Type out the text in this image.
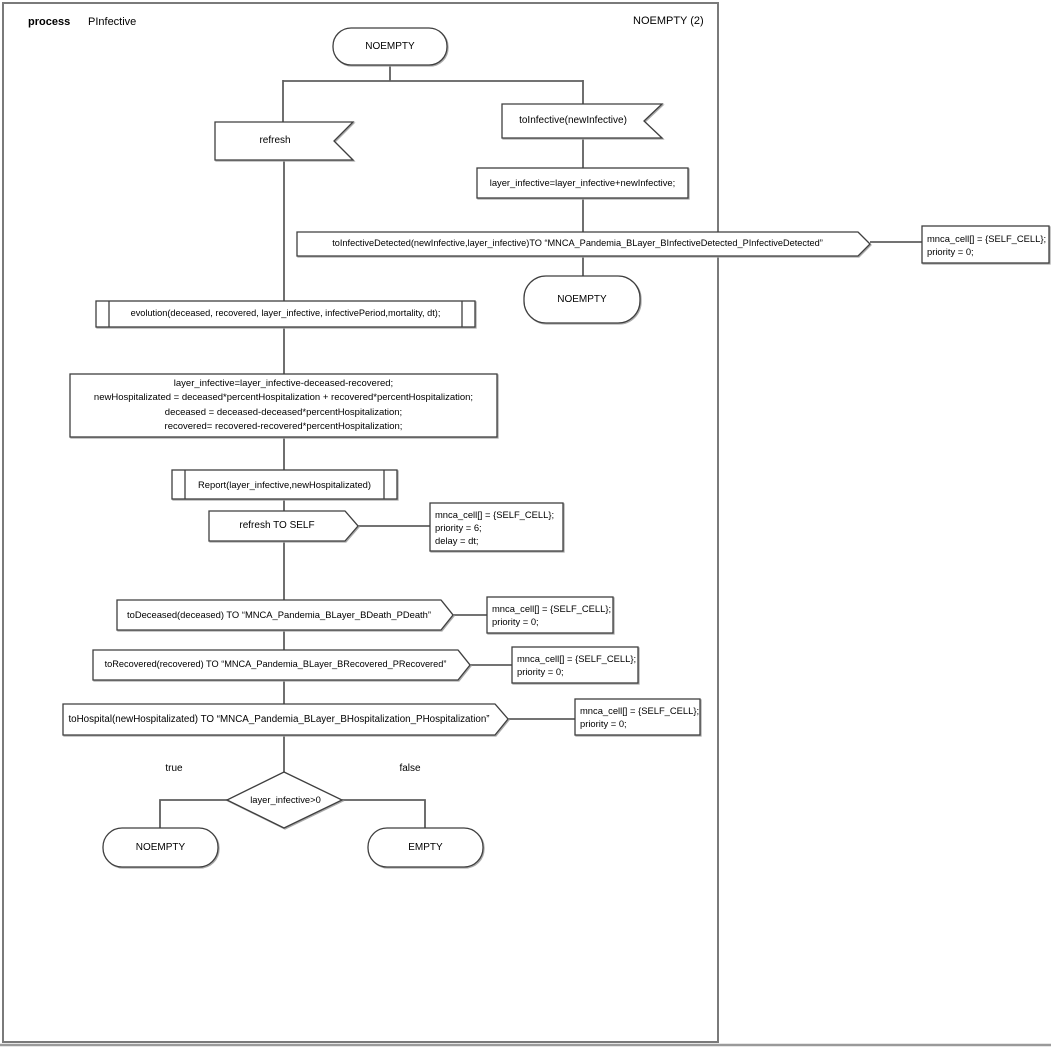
process PInfective	NOEMPTY (2)
NOEMPTY
refresh
toInfective(newInfective)
layer_infective=layer_infective+newInfective;
toInfectiveDetected(newInfective,layer_infective)TO “MNCA_Pandemia_BLayer_BInfectiveDetected_PInfectiveDetected”
NOEMPTY
evolution(deceased, recovered, layer_infective, infectivePeriod,mortality, dt);
layer_infective=layer_infective-deceased-recovered;
newHospitalizated = deceased*percentHospitalization + recovered*percentHospitalization;
deceased = deceased-deceased*percentHospitalization;
recovered= recovered-recovered*percentHospitalization;
Report(layer_infective,newHospitalizated)
refresh TO SELF
toDeceased(deceased) TO “MNCA_Pandemia_BLayer_BDeath_PDeath”
toRecovered(recovered) TO “MNCA_Pandemia_BLayer_BRecovered_PRecovered”
toHospital(newHospitalizated) TO “MNCA_Pandemia_BLayer_BHospitalization_PHospitalization”
layer_infective>0
true	false
NOEMPTY	EMPTY
mnca_cell[] = {SELF_CELL};
priority = 0;
mnca_cell[] = {SELF_CELL};
priority = 6;
delay = dt;
mnca_cell[] = {SELF_CELL};
priority = 0;
mnca_cell[] = {SELF_CELL};
priority = 0;
mnca_cell[] = {SELF_CELL};
priority = 0;
